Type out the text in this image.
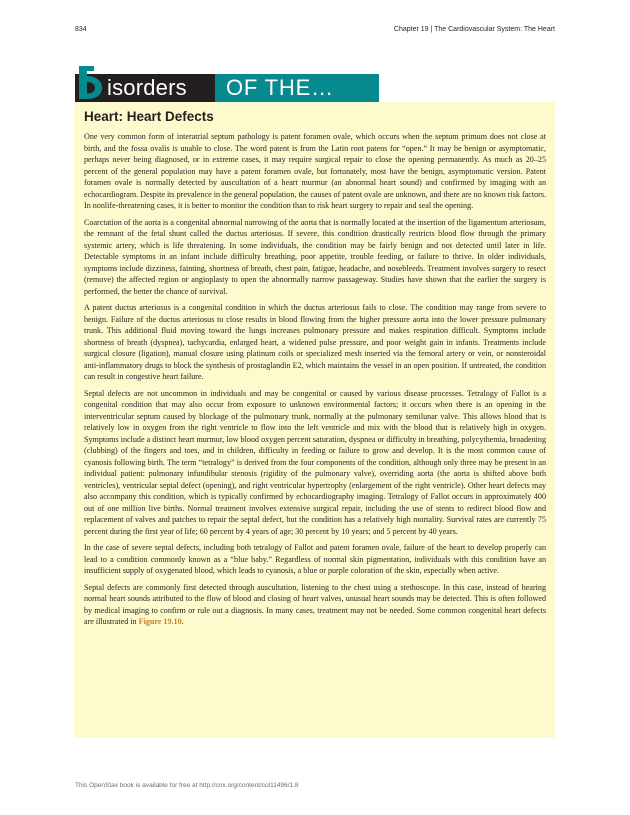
834	Chapter 19 | The Cardiovascular System: The Heart
isorders OF THE…
Heart: Heart Defects

One very common form of interatrial septum pathology is patent foramen ovale, which occurs when the septum primum does not close at birth, and the fossa ovalis is unable to close. The word patent is from the Latin root patens for “open.” It may be benign or asymptomatic, perhaps never being diagnosed, or in extreme cases, it may require surgical repair to close the opening permanently. As much as 20–25 percent of the general population may have a patent foramen ovale, but fortunately, most have the benign, asymptomatic version. Patent foramen ovale is normally detected by auscultation of a heart murmur (an abnormal heart sound) and confirmed by imaging with an echocardiogram. Despite its prevalence in the general population, the causes of patent ovale are unknown, and there are no known risk factors. In nonlife-threatening cases, it is better to monitor the condition than to risk heart surgery to repair and seal the opening.

Coarctation of the aorta is a congenital abnormal narrowing of the aorta that is normally located at the insertion of the ligamentum arteriosum, the remnant of the fetal shunt called the ductus arteriosus. If severe, this condition drastically restricts blood flow through the primary systemic artery, which is life threatening. In some individuals, the condition may be fairly benign and not detected until later in life. Detectable symptoms in an infant include difficulty breathing, poor appetite, trouble feeding, or failure to thrive. In older individuals, symptoms include dizziness, fainting, shortness of breath, chest pain, fatigue, headache, and nosebleeds. Treatment involves surgery to resect (remove) the affected region or angioplasty to open the abnormally narrow passageway. Studies have shown that the earlier the surgery is performed, the better the chance of survival.

A patent ductus arteriosus is a congenital condition in which the ductus arteriosus fails to close. The condition may range from severe to benign. Failure of the ductus arteriosus to close results in blood flowing from the higher pressure aorta into the lower pressure pulmonary trunk. This additional fluid moving toward the lungs increases pulmonary pressure and makes respiration difficult. Symptoms include shortness of breath (dyspnea), tachycardia, enlarged heart, a widened pulse pressure, and poor weight gain in infants. Treatments include surgical closure (ligation), manual closure using platinum coils or specialized mesh inserted via the femoral artery or vein, or nonsteroidal anti-inflammatory drugs to block the synthesis of prostaglandin E2, which maintains the vessel in an open position. If untreated, the condition can result in congestive heart failure.

Septal defects are not uncommon in individuals and may be congenital or caused by various disease processes. Tetralogy of Fallot is a congenital condition that may also occur from exposure to unknown environmental factors; it occurs when there is an opening in the interventricular septum caused by blockage of the pulmonary trunk, normally at the pulmonary semilunar valve. This allows blood that is relatively low in oxygen from the right ventricle to flow into the left ventricle and mix with the blood that is relatively high in oxygen. Symptoms include a distinct heart murmur, low blood oxygen percent saturation, dyspnea or difficulty in breathing, polycythemia, broadening (clubbing) of the fingers and toes, and in children, difficulty in feeding or failure to grow and develop. It is the most common cause of cyanosis following birth. The term “tetralogy” is derived from the four components of the condition, although only three may be present in an individual patient: pulmonary infundibular stenosis (rigidity of the pulmonary valve), overriding aorta (the aorta is shifted above both ventricles), ventricular septal defect (opening), and right ventricular hypertrophy (enlargement of the right ventricle). Other heart defects may also accompany this condition, which is typically confirmed by echocardiography imaging. Tetralogy of Fallot occurs in approximately 400 out of one million live births. Normal treatment involves extensive surgical repair, including the use of stents to redirect blood flow and replacement of valves and patches to repair the septal defect, but the condition has a relatively high mortality. Survival rates are currently 75 percent during the first year of life; 60 percent by 4 years of age; 30 percent by 10 years; and 5 percent by 40 years.

In the case of severe septal defects, including both tetralogy of Fallot and patent foramen ovale, failure of the heart to develop properly can lead to a condition commonly known as a “blue baby.” Regardless of normal skin pigmentation, individuals with this condition have an insufficient supply of oxygenated blood, which leads to cyanosis, a blue or purple coloration of the skin, especially when active.

Septal defects are commonly first detected through auscultation, listening to the chest using a stethoscope. In this case, instead of hearing normal heart sounds attributed to the flow of blood and closing of heart valves, unusual heart sounds may be detected. This is often followed by medical imaging to confirm or rule out a diagnosis. In many cases, treatment may not be needed. Some common congenital heart defects are illustrated in Figure 19.10.

This OpenStax book is available for free at http://cnx.org/content/col11496/1.8
